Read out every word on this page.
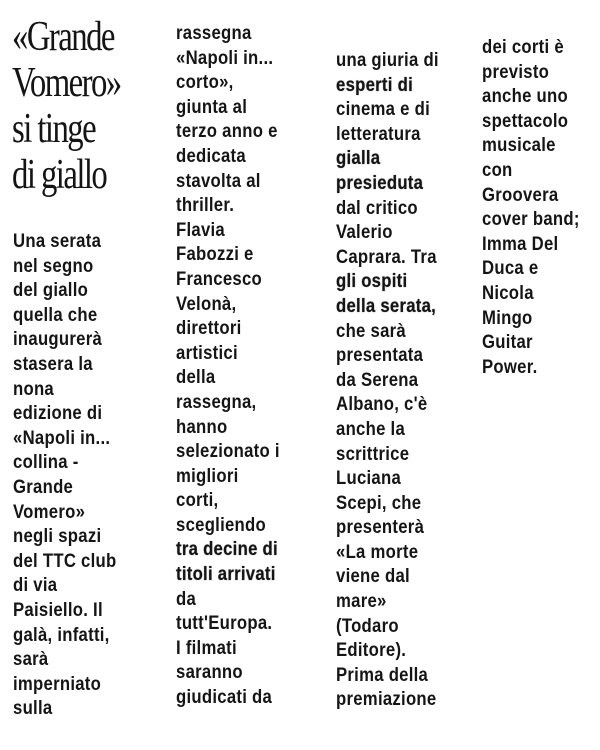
«Grande
Vomero»
si tinge
di giallo
Una serata
nel segno
del giallo
quella che
inaugurerà
stasera la
nona
edizione di
«Napoli in...
collina -
Grande
Vomero»
negli spazi
del TTC club
di via
Paisiello. Il
galà, infatti,
sarà
imperniato
sulla
rassegna
«Napoli in...
corto»,
giunta al
terzo anno e
dedicata
stavolta al
thriller.
Flavia
Fabozzi e
Francesco
Velonà,
direttori
artistici
della
rassegna,
hanno
selezionato i
migliori
corti,
scegliendo
tra decine di
titoli arrivati
da
tutt'Europa.
I filmati
saranno
giudicati da
una giuria di
esperti di
cinema e di
letteratura
gialla
presieduta
dal critico
Valerio
Caprara. Tra
gli ospiti
della serata,
che sarà
presentata
da Serena
Albano, c'è
anche la
scrittrice
Luciana
Scepi, che
presenterà
«La morte
viene dal
mare»
(Todaro
Editore).
Prima della
premiazione
dei corti è
previsto
anche uno
spettacolo
musicale
con
Groovera
cover band;
Imma Del
Duca e
Nicola
Mingo
Guitar
Power.
